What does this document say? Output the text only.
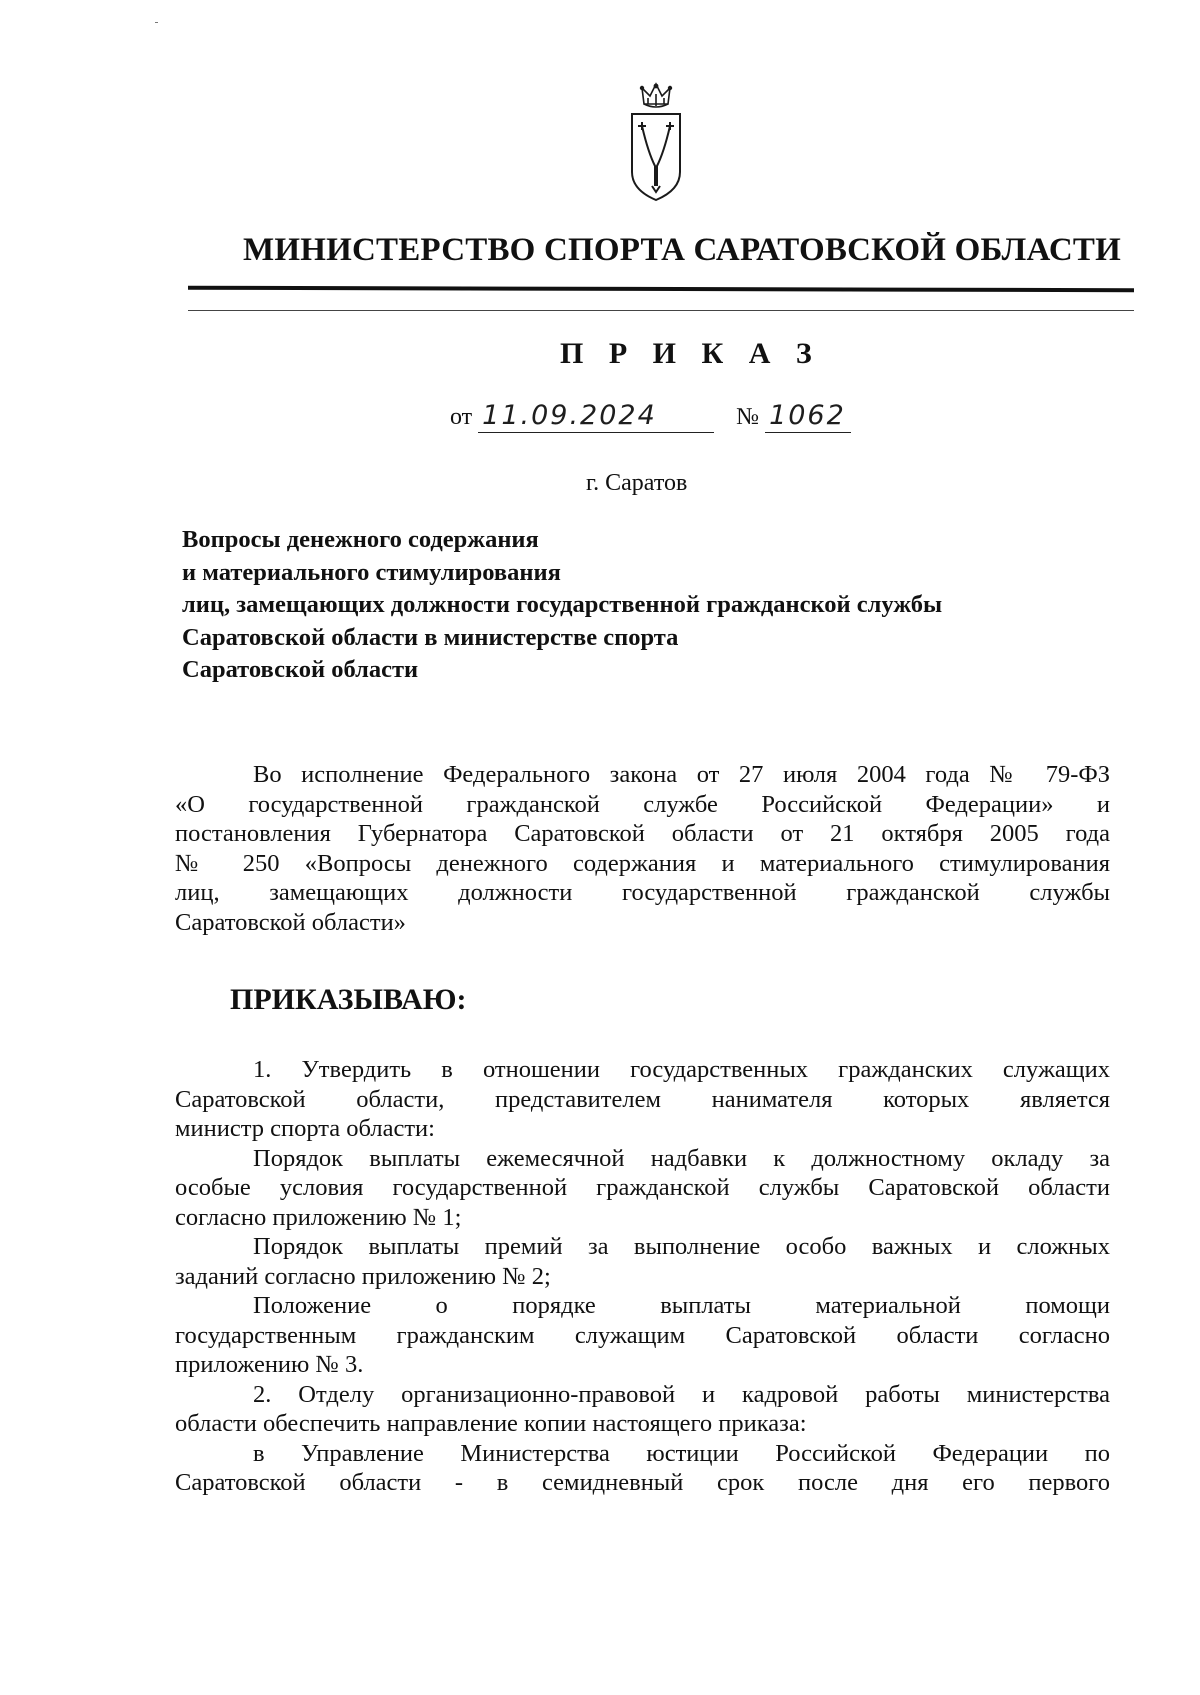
МИНИСТЕРСТВО СПОРТА САРАТОВСКОЙ ОБЛАСТИ
П Р И К А З
от 11.09.2024	№ 1062
г. Саратов
Вопросы денежного содержания
и материального стимулирования
лиц, замещающих должности государственной гражданской службы
Саратовской области в министерстве спорта
Саратовской области
Во исполнение Федерального закона от 27 июля 2004 года № 79-ФЗ
«О государственной гражданской службе Российской Федерации» и
постановления Губернатора Саратовской области от 21 октября 2005 года
№ 250 «Вопросы денежного содержания и материального стимулирования
лиц, замещающих должности государственной гражданской службы
Саратовской области»
ПРИКАЗЫВАЮ:
1. Утвердить в отношении государственных гражданских служащих
Саратовской области, представителем нанимателя которых является
министр спорта области:
Порядок выплаты ежемесячной надбавки к должностному окладу за
особые условия государственной гражданской службы Саратовской области
согласно приложению № 1;
Порядок выплаты премий за выполнение особо важных и сложных
заданий согласно приложению № 2;
Положение о порядке выплаты материальной помощи
государственным гражданским служащим Саратовской области согласно
приложению № 3.
2. Отделу организационно-правовой и кадровой работы министерства
области обеспечить направление копии настоящего приказа:
в Управление Министерства юстиции Российской Федерации по
Саратовской области - в семидневный срок после дня его первого
